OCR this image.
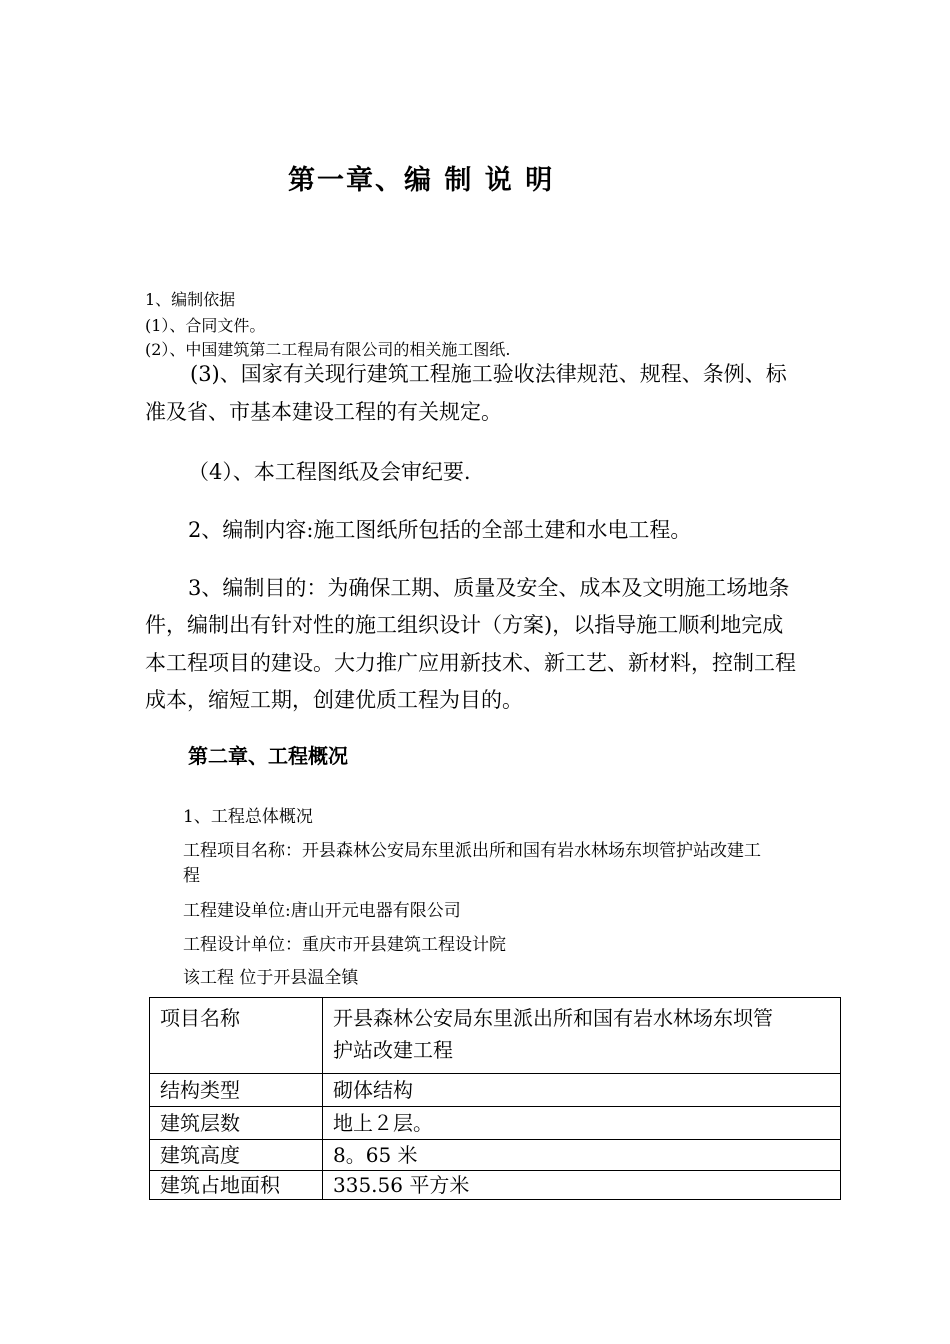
第一章、编 制 说 明
1、编制依据
(1）、合同文件。
(2）、中国建筑第二工程局有限公司的相关施工图纸.
(3)、国家有关现行建筑工程施工验收法律规范、规程、条例、标
准及省、市基本建设工程的有关规定。
（4）、本工程图纸及会审纪要.
2、编制内容:施工图纸所包括的全部土建和水电工程。
3、编制目的：为确保工期、质量及安全、成本及文明施工场地条
件，编制出有针对性的施工组织设计（方案)，以指导施工顺利地完成
本工程项目的建设。大力推广应用新技术、新工艺、新材料，控制工程
成本，缩短工期，创建优质工程为目的。
第二章、工程概况
1、工程总体概况
工程项目名称：开县森林公安局东里派出所和国有岩水林场东坝管护站改建工
程
工程建设单位:唐山开元电器有限公司
工程设计单位：重庆市开县建筑工程设计院
该工程 位于开县温全镇
项目名称	开县森林公安局东里派出所和国有岩水林场东坝管
护站改建工程

结构类型	砌体结构
建筑层数	地上２层。
建筑高度	8。65 米
建筑占地面积	335.56 平方米
